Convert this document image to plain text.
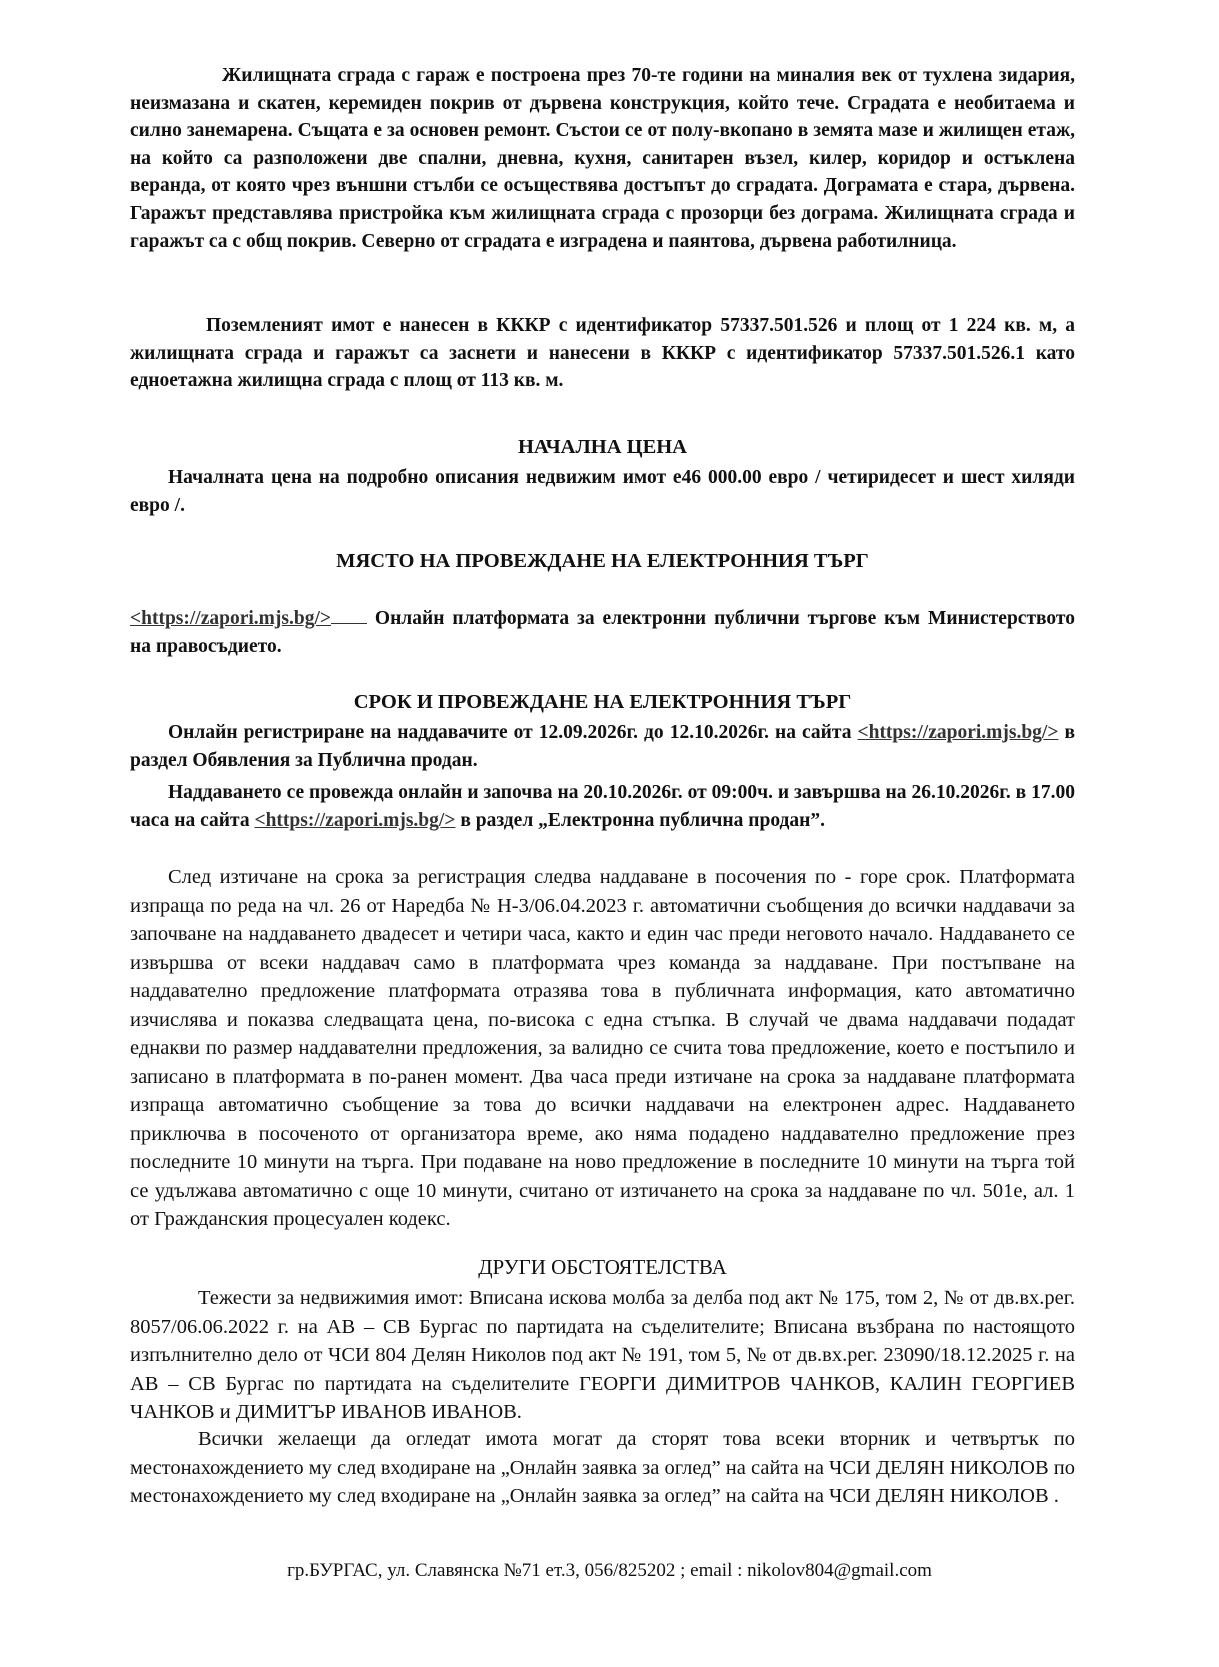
Жилищната сграда с гараж е построена през 70-те години на миналия век от тухлена зидария, неизмазана и скатен, керемиден покрив от дървена конструкция, който тече. Сградата е необитаема и силно занемарена. Същата е за основен ремонт. Състои се от полу-вкопано в земята мазе и жилищен етаж, на който са разположени две спални, дневна, кухня, санитарен възел, килер, коридор и остъклена веранда, от която чрез външни стълби се осъществява достъпът до сградата. Дограмата е стара, дървена. Гаражът представлява пристройка към жилищната сграда с прозорци без дограма. Жилищната сграда и гаражът са с общ покрив. Северно от сградата е изградена и паянтова, дървена работилница.

Поземленият имот е нанесен в КККР с идентификатор 57337.501.526 и площ от 1 224 кв. м, а жилищната сграда и гаражът са заснети и нанесени в КККР с идентификатор 57337.501.526.1 като едноетажна жилищна сграда с площ от 113 кв. м.

НАЧАЛНА ЦЕНА

Началната цена на подробно описания недвижим имот е46 000.00 евро / четиридесет и шест хиляди евро /.

МЯСТО НА ПРОВЕЖДАНЕ НА ЕЛЕКТРОННИЯ ТЪРГ

<https://zapori.mjs.bg/> Онлайн платформата за електронни публични търгове към Министерството на правосъдието.

СРОК И ПРОВЕЖДАНЕ НА ЕЛЕКТРОННИЯ ТЪРГ

Онлайн регистриране на наддавачите от 12.09.2026г. до 12.10.2026г. на сайта <https://zapori.mjs.bg/> в раздел Обявления за Публична продан.

Наддаването се провежда онлайн и започва на 20.10.2026г. от 09:00ч. и завършва на 26.10.2026г. в 17.00 часа на сайта <https://zapori.mjs.bg/> в раздел „Електронна публична продан”.

След изтичане на срока за регистрация следва наддаване в посочения по - горе срок. Платформата изпраща по реда на чл. 26 от Наредба № Н-3/06.04.2023 г. автоматични съобщения до всички наддавачи за започване на наддаването двадесет и четири часа, както и един час преди неговото начало. Наддаването се извършва от всеки наддавач само в платформата чрез команда за наддаване. При постъпване на наддавателно предложение платформата отразява това в публичната информация, като автоматично изчислява и показва следващата цена, по-висока с една стъпка. В случай че двама наддавачи подадат еднакви по размер наддавателни предложения, за валидно се счита това предложение, което е постъпило и записано в платформата в по-ранен момент. Два часа преди изтичане на срока за наддаване платформата изпраща автоматично съобщение за това до всички наддавачи на електронен адрес. Наддаването приключва в посоченото от организатора време, ако няма подадено наддавателно предложение през последните 10 минути на търга. При подаване на ново предложение в последните 10 минути на търга той се удължава автоматично с още 10 минути, считано от изтичането на срока за наддаване по чл. 501е, ал. 1 от Гражданския процесуален кодекс.

ДРУГИ ОБСТОЯТЕЛСТВА

Тежести за недвижимия имот: Вписана искова молба за делба под акт № 175, том 2, № от дв.вх.рег. 8057/06.06.2022 г. на АВ – СВ Бургас по партидата на съделителите; Вписана възбрана по настоящото изпълнително дело от ЧСИ 804 Делян Николов под акт № 191, том 5, № от дв.вх.рег. 23090/18.12.2025 г. на АВ – СВ Бургас по партидата на съделителите ГЕОРГИ ДИМИТРОВ ЧАНКОВ, КАЛИН ГЕОРГИЕВ ЧАНКОВ и ДИМИТЪР ИВАНОВ ИВАНОВ.

Всички желаещи да огледат имота могат да сторят това всеки вторник и четвъртък по местонахождението му след входиране на „Онлайн заявка за оглед” на сайта на ЧСИ ДЕЛЯН НИКОЛОВ по местонахождението му след входиране на „Онлайн заявка за оглед” на сайта на ЧСИ ДЕЛЯН НИКОЛОВ .

гр.БУРГАС, ул. Славянска №71 ет.3, 056/825202 ; email : nikolov804@gmail.com
